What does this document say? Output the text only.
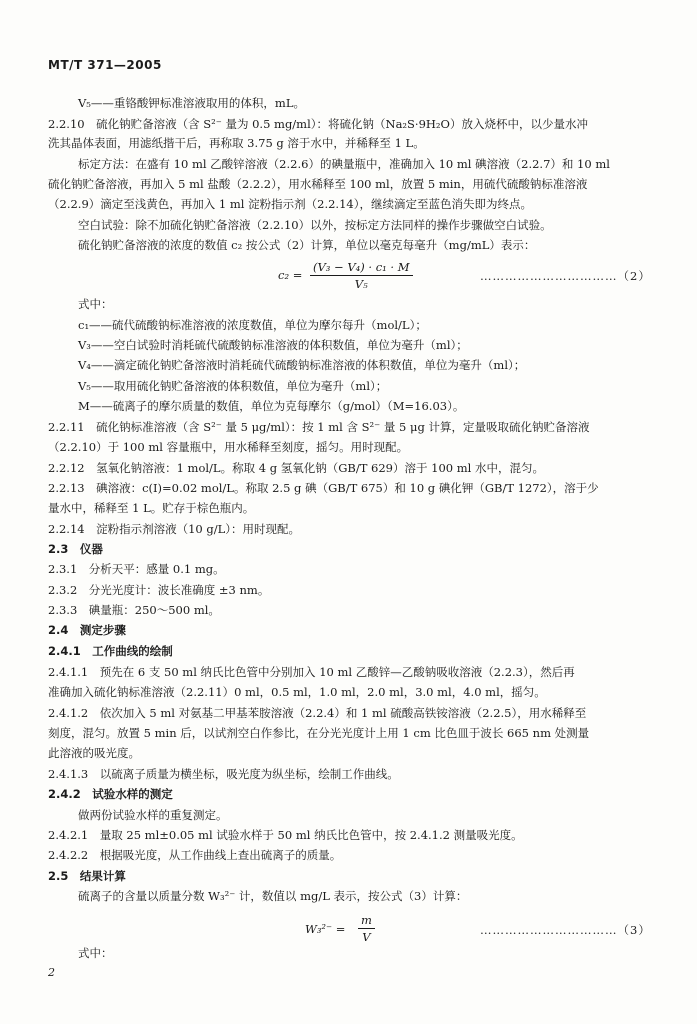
MT/T 371—2005
V₅——重铬酸钾标准溶液取用的体积，mL。
2.2.10　硫化钠贮备溶液（含 S²⁻ 量为 0.5 mg/ml）：将硫化钠（Na₂S·9H₂O）放入烧杯中，以少量水冲
洗其晶体表面，用滤纸揩干后，再称取 3.75 g 溶于水中，并稀释至 1 L。
标定方法：在盛有 10 ml 乙酸锌溶液（2.2.6）的碘量瓶中，准确加入 10 ml 碘溶液（2.2.7）和 10 ml
硫化钠贮备溶液，再加入 5 ml 盐酸（2.2.2），用水稀释至 100 ml，放置 5 min，用硫代硫酸钠标准溶液
（2.2.9）滴定至浅黄色，再加入 1 ml 淀粉指示剂（2.2.14），继续滴定至蓝色消失即为终点。
空白试验：除不加硫化钠贮备溶液（2.2.10）以外，按标定方法同样的操作步骤做空白试验。
硫化钠贮备溶液的浓度的数值 c₂ 按公式（2）计算，单位以毫克每毫升（mg/mL）表示：
$c_2 = \frac{\text{(V₃ − V₄) · c₁ · M}}{\text{V₅}}$	……………………………（2）
式中：
c₁——硫代硫酸钠标准溶液的浓度数值，单位为摩尔每升（mol/L）；
V₃——空白试验时消耗硫代硫酸钠标准溶液的体积数值，单位为毫升（ml）；
V₄——滴定硫化钠贮备溶液时消耗硫代硫酸钠标准溶液的体积数值，单位为毫升（ml）；
V₅——取用硫化钠贮备溶液的体积数值，单位为毫升（ml）；
M——硫离子的摩尔质量的数值，单位为克每摩尔（g/mol）（M=16.03）。
2.2.11　硫化钠标准溶液（含 S²⁻ 量 5 μg/ml）：按 1 ml 含 S²⁻ 量 5 μg 计算，定量吸取硫化钠贮备溶液
（2.2.10）于 100 ml 容量瓶中，用水稀释至刻度，摇匀。用时现配。
2.2.12　氢氧化钠溶液：1 mol/L。称取 4 g 氢氧化钠（GB/T 629）溶于 100 ml 水中，混匀。
2.2.13　碘溶液：c(I)=0.02 mol/L。称取 2.5 g 碘（GB/T 675）和 10 g 碘化钾（GB/T 1272），溶于少
量水中，稀释至 1 L。贮存于棕色瓶内。
2.2.14　淀粉指示剂溶液（10 g/L）：用时现配。
2.3　仪器
2.3.1　分析天平：感量 0.1 mg。
2.3.2　分光光度计：波长准确度 ±3 nm。
2.3.3　碘量瓶：250～500 ml。
2.4　测定步骤
2.4.1　工作曲线的绘制
2.4.1.1　预先在 6 支 50 ml 纳氏比色管中分别加入 10 ml 乙酸锌—乙酸钠吸收溶液（2.2.3），然后再
准确加入硫化钠标准溶液（2.2.11）0 ml，0.5 ml，1.0 ml，2.0 ml，3.0 ml，4.0 ml，摇匀。
2.4.1.2　依次加入 5 ml 对氨基二甲基苯胺溶液（2.2.4）和 1 ml 硫酸高铁铵溶液（2.2.5），用水稀释至
刻度，混匀。放置 5 min 后，以试剂空白作参比，在分光光度计上用 1 cm 比色皿于波长 665 nm 处测量
此溶液的吸光度。
2.4.1.3　以硫离子质量为横坐标，吸光度为纵坐标，绘制工作曲线。
2.4.2　试验水样的测定
做两份试验水样的重复测定。
2.4.2.1　量取 25 ml±0.05 ml 试验水样于 50 ml 纳氏比色管中，按 2.4.1.2 测量吸光度。
2.4.2.2　根据吸光度，从工作曲线上查出硫离子的质量。
2.5　结果计算
硫离子的含量以质量分数 W₃²⁻ 计，数值以 mg/L 表示，按公式（3）计算：
$W_3^{2-} = \frac{m}{V}$	……………………………（3）
式中：
2
